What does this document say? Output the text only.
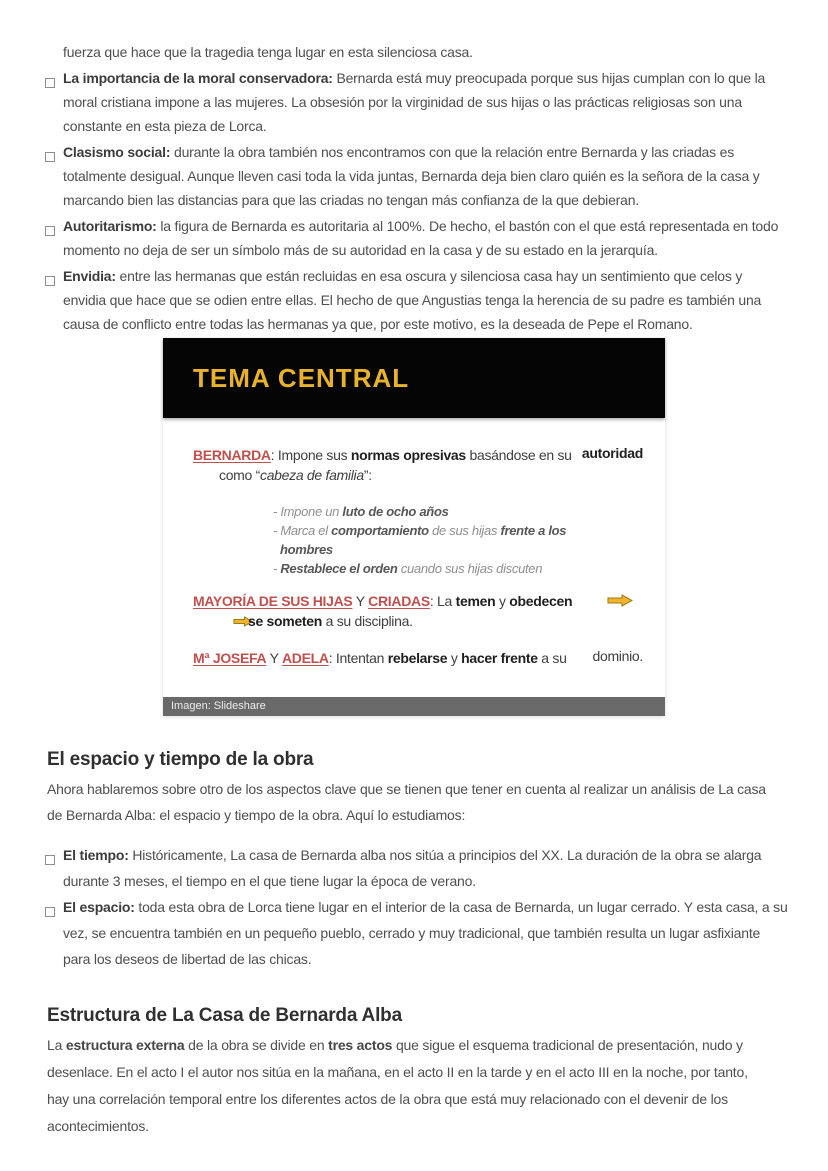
fuerza que hace que la tragedia tenga lugar en esta silenciosa casa.

La importancia de la moral conservadora: Bernarda está muy preocupada porque sus hijas cumplan con lo que la
moral cristiana impone a las mujeres. La obsesión por la virginidad de sus hijas o las prácticas religiosas son una
constante en esta pieza de Lorca.
Clasismo social: durante la obra también nos encontramos con que la relación entre Bernarda y las criadas es
totalmente desigual. Aunque lleven casi toda la vida juntas, Bernarda deja bien claro quién es la señora de la casa y
marcando bien las distancias para que las criadas no tengan más confianza de la que debieran.
Autoritarismo: la figura de Bernarda es autoritaria al 100%. De hecho, el bastón con el que está representada en todo
momento no deja de ser un símbolo más de su autoridad en la casa y de su estado en la jerarquía.
Envidia: entre las hermanas que están recluidas en esa oscura y silenciosa casa hay un sentimiento que celos y
envidia que hace que se odien entre ellas. El hecho de que Angustias tenga la herencia de su padre es también una
causa de conflicto entre todas las hermanas ya que, por este motivo, es la deseada de Pepe el Romano.
TEMA CENTRAL
BERNARDA: Impone sus normas opresivas basándose en su
como “cabeza de familia”:
autoridad
- Impone un luto de ocho años
- Marca el comportamiento de sus hijas frente a los
hombres
- Restablece el orden cuando sus hijas discuten
MAYORÍA DE SUS HIJAS Y CRIADAS: La temen y obedecen
se someten a su disciplina.
Mª JOSEFA Y ADELA: Intentan rebelarse y hacer frente a su	dominio.
Imagen: Slideshare
El espacio y tiempo de la obra

Ahora hablaremos sobre otro de los aspectos clave que se tienen que tener en cuenta al realizar un análisis de La casa
de Bernarda Alba: el espacio y tiempo de la obra. Aquí lo estudiamos:

El tiempo: Históricamente, La casa de Bernarda alba nos sitúa a principios del XX. La duración de la obra se alarga
durante 3 meses, el tiempo en el que tiene lugar la época de verano.
El espacio: toda esta obra de Lorca tiene lugar en el interior de la casa de Bernarda, un lugar cerrado. Y esta casa, a su
vez, se encuentra también en un pequeño pueblo, cerrado y muy tradicional, que también resulta un lugar asfixiante
para los deseos de libertad de las chicas.
Estructura de La Casa de Bernarda Alba

La estructura externa de la obra se divide en tres actos que sigue el esquema tradicional de presentación, nudo y
desenlace. En el acto I el autor nos sitúa en la mañana, en el acto II en la tarde y en el acto III en la noche, por tanto,
hay una correlación temporal entre los diferentes actos de la obra que está muy relacionado con el devenir de los
acontecimientos.
